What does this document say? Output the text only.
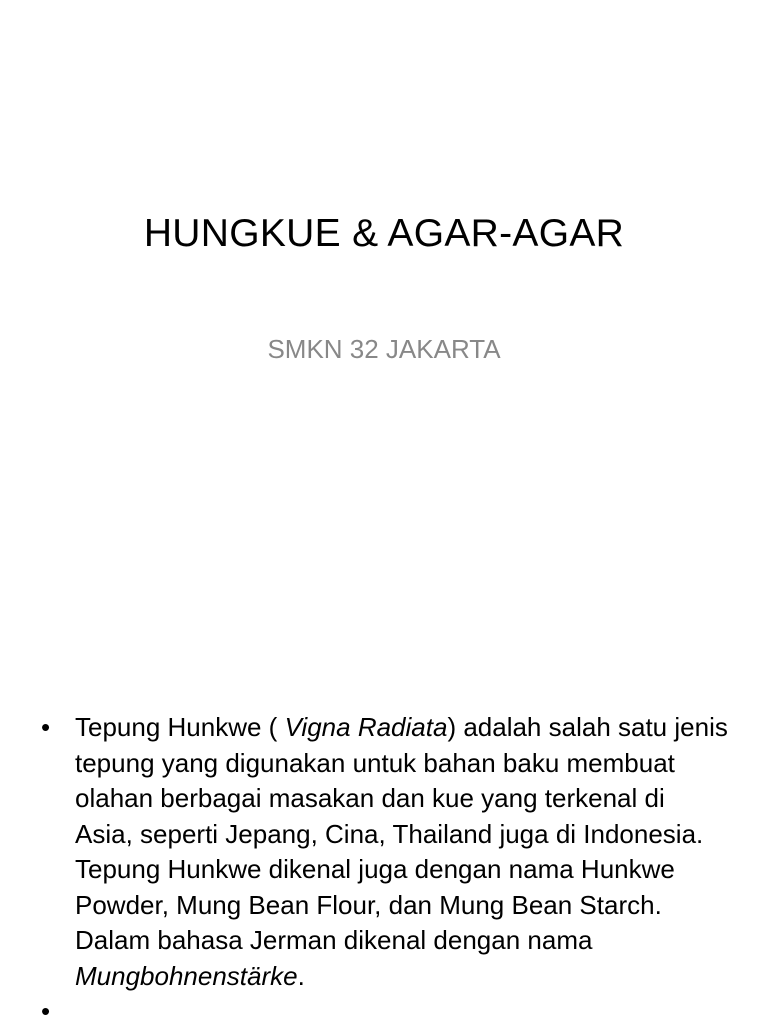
HUNGKUE & AGAR-AGAR
SMKN 32 JAKARTA
• Tepung Hunkwe ( Vigna Radiata) adalah salah satu jenis tepung yang digunakan untuk bahan baku membuat olahan berbagai masakan dan kue yang terkenal di Asia, seperti Jepang, Cina, Thailand juga di Indonesia. Tepung Hunkwe dikenal juga dengan nama Hunkwe Powder, Mung Bean Flour, dan Mung Bean Starch. Dalam bahasa Jerman dikenal dengan nama Mungbohnenstärke.
•
